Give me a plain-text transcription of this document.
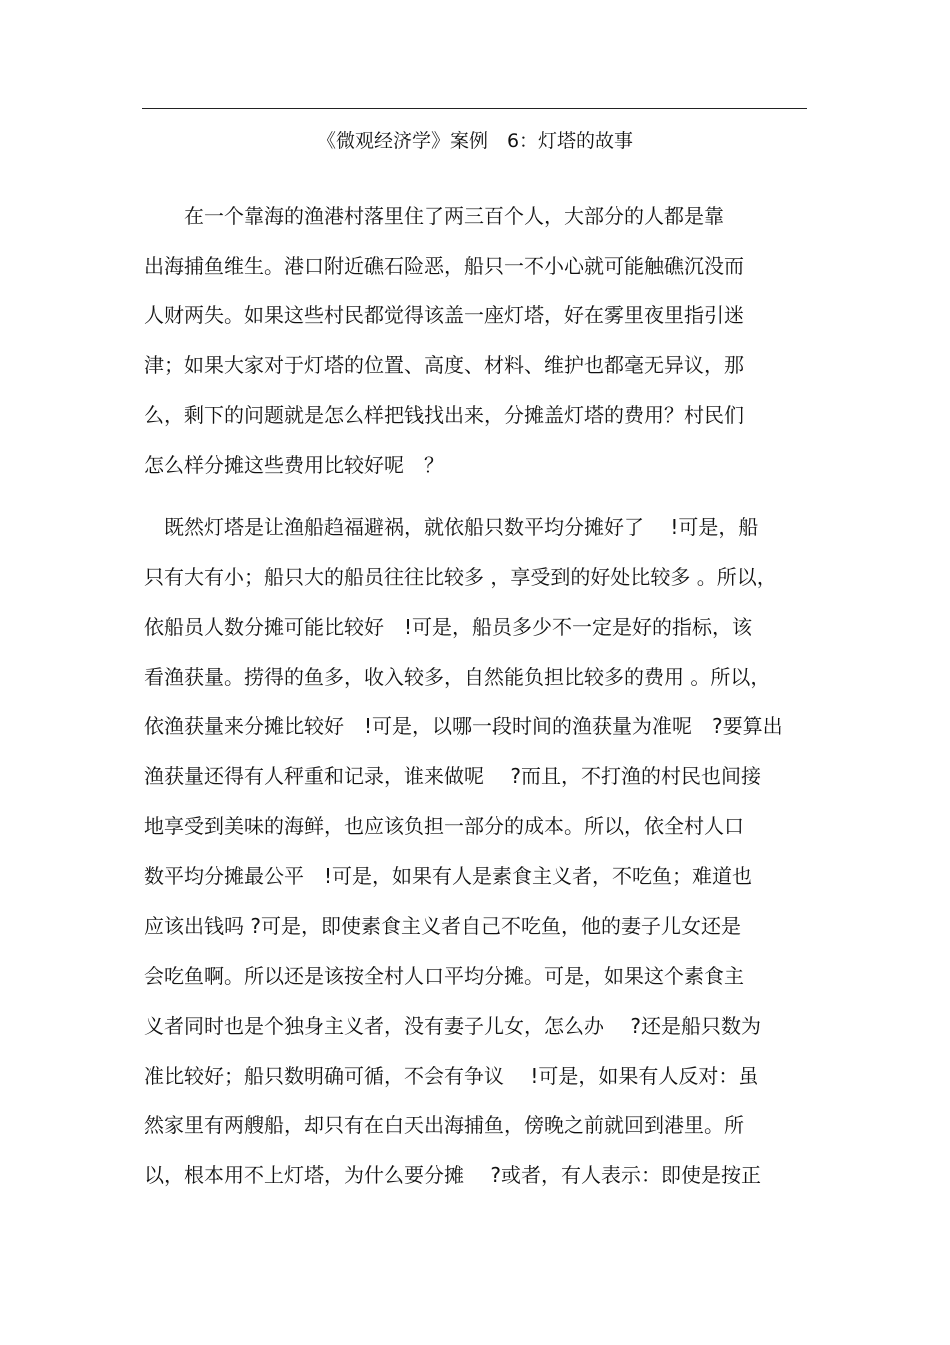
《微观经济学》案例　6：灯塔的故事
　　在一个靠海的渔港村落里住了两三百个人，大部分的人都是靠
出海捕鱼维生。港口附近礁石险恶，船只一不小心就可能触礁沉没而
人财两失。如果这些村民都觉得该盖一座灯塔，好在雾里夜里指引迷
津；如果大家对于灯塔的位置、高度、材料、维护也都毫无异议，那
么，剩下的问题就是怎么样把钱找出来，分摊盖灯塔的费用？村民们
怎么样分摊这些费用比较好呢　？
　既然灯塔是让渔船趋福避祸，就依船只数平均分摊好了　 !可是，船
只有大有小；船只大的船员往往比较多 ，享受到的好处比较多 。所以，
依船员人数分摊可能比较好　!可是，船员多少不一定是好的指标，该
看渔获量。捞得的鱼多，收入较多，自然能负担比较多的费用 。所以，
依渔获量来分摊比较好　!可是，以哪一段时间的渔获量为准呢　?要算出
渔获量还得有人秤重和记录，谁来做呢　 ?而且，不打渔的村民也间接
地享受到美味的海鲜，也应该负担一部分的成本。所以，依全村人口
数平均分摊最公平　!可是，如果有人是素食主义者，不吃鱼；难道也
应该出钱吗 ?可是，即使素食主义者自己不吃鱼，他的妻子儿女还是
会吃鱼啊。所以还是该按全村人口平均分摊。可是，如果这个素食主
义者同时也是个独身主义者，没有妻子儿女，怎么办　 ?还是船只数为
准比较好；船只数明确可循，不会有争议　 !可是，如果有人反对：虽
然家里有两艘船，却只有在白天出海捕鱼，傍晚之前就回到港里。所
以，根本用不上灯塔，为什么要分摊　 ?或者，有人表示：即使是按正
